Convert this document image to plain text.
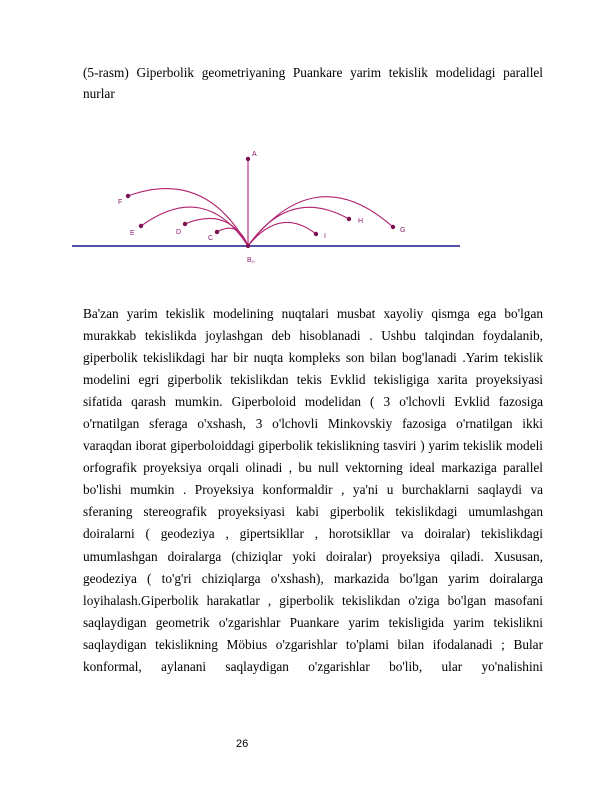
(5-rasm) Giperbolik geometriyaning Puankare yarim tekislik modelidagi parallel nurlar
A
F
E	D
C
H
I
G
B∞
Ba'zan yarim tekislik modelining nuqtalari musbat xayoliy qismga ega bo'lgan murakkab tekislikda joylashgan deb hisoblanadi . Ushbu talqindan foydalanib, giperbolik tekislikdagi har bir nuqta kompleks son bilan bog'lanadi .Yarim tekislik modelini egri giperbolik tekislikdan tekis Evklid tekisligiga xarita proyeksiyasi sifatida qarash mumkin. Giperboloid modelidan ( 3 o'lchovli Evklid fazosiga o'rnatilgan sferaga o'xshash, 3 o'lchovli Minkovskiy fazosiga o'rnatilgan ikki varaqdan iborat giperboloiddagi giperbolik tekislikning tasviri ) yarim tekislik modeli orfografik proyeksiya orqali olinadi , bu null vektorning ideal markaziga parallel bo'lishi mumkin . Proyeksiya konformaldir , ya'ni u burchaklarni saqlaydi va sferaning stereografik proyeksiyasi kabi giperbolik tekislikdagi umumlashgan doiralarni ( geodeziya , gipertsikllar , horotsikllar va doiralar) tekislikdagi umumlashgan doiralarga (chiziqlar yoki doiralar) proyeksiya qiladi. Xususan, geodeziya ( to'g'ri chiziqlarga o'xshash), markazida bo'lgan yarim doiralarga loyihalash.Giperbolik harakatlar , giperbolik tekislikdan o'ziga bo'lgan masofani saqlaydigan geometrik o'zgarishlar Puankare yarim tekisligida yarim tekislikni saqlaydigan tekislikning Möbius o'zgarishlar to'plami bilan ifodalanadi ; Bular konformal, aylanani saqlaydigan o'zgarishlar bo'lib, ular yo'nalishini
26
